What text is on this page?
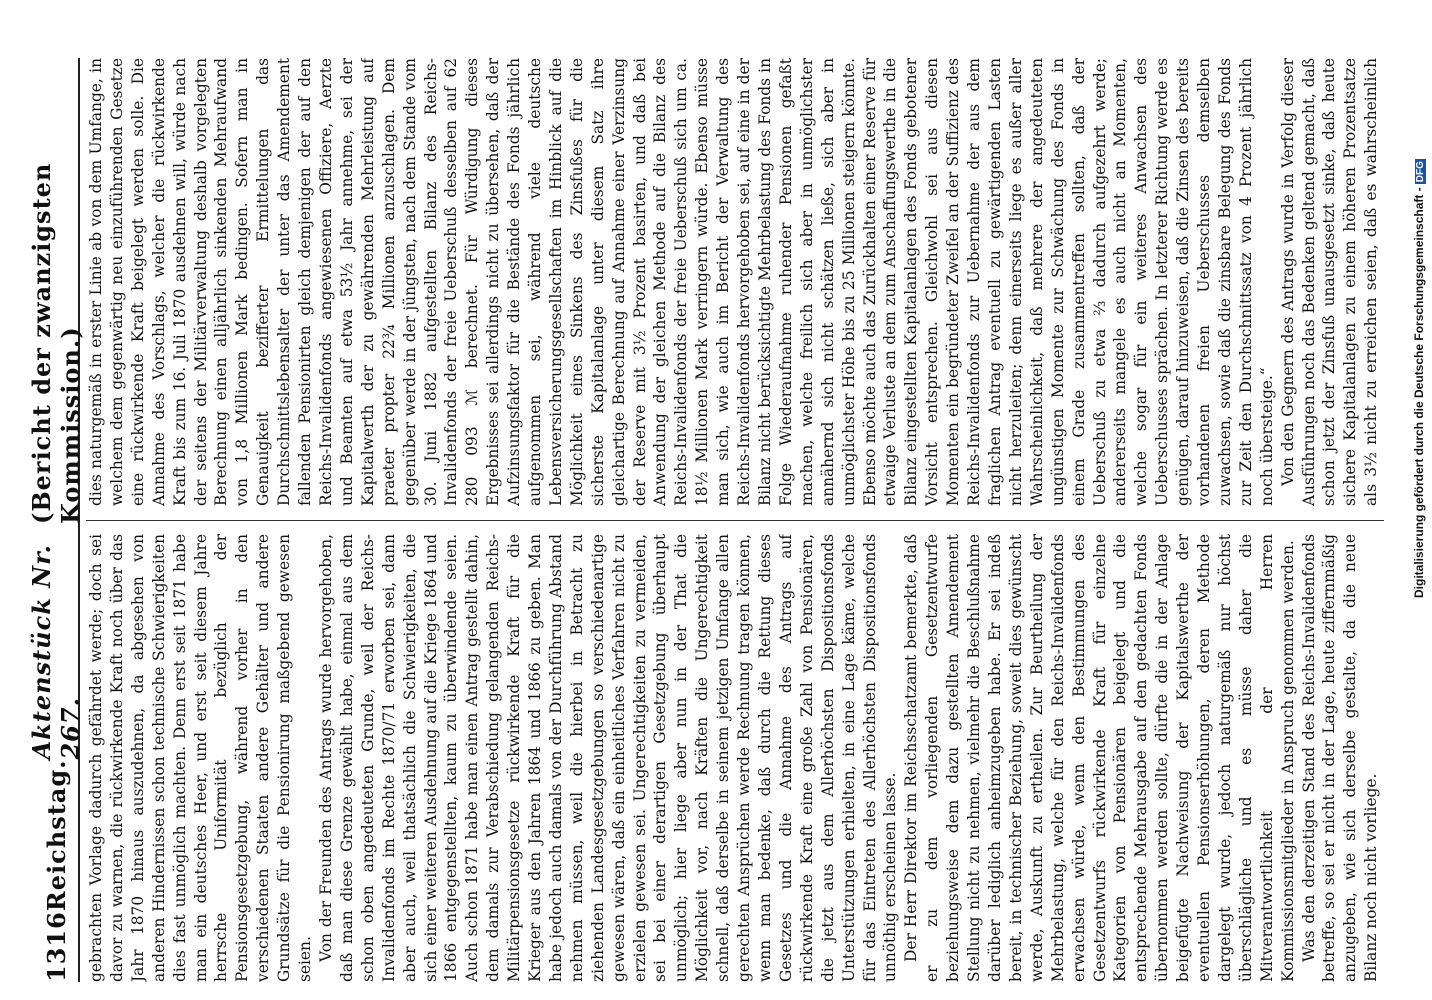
1316
Reichstag.
Aktenstück Nr. 267.
(Bericht der zwanzigsten Kommission.)

gebrachten Vorlage dadurch gefährdet werde; doch sei davor zu warnen, die rückwirkende Kraft noch über das Jahr 1870 hinaus auszudehnen, da abgesehen von anderen Hindernissen schon technische Schwierigkeiten dies fast unmöglich machten. Denn erst seit 1871 habe man ein deutsches Heer, und erst seit diesem Jahre herrsche Uniformität bezüglich der Pensionsgesetzgebung, während vorher in den verschiedenen Staaten andere Gehälter und andere Grundsätze für die Pensionirung maßgebend gewesen seien. Von der Freunden des Antrags wurde hervorgehoben, daß man diese Grenze gewählt habe, einmal aus dem schon oben angedeuteten Grunde, weil der Reichs-Invalidenfonds im Rechte 1870/71 erworben sei, dann aber auch, weil thatsächlich die Schwierigkeiten, die sich einer weiteren Ausdehnung auf die Kriege 1864 und 1866 entgegenstellten, kaum zu überwindende seien. Auch schon 1871 habe man einen Antrag gestellt dahin, dem damals zur Verabschiedung gelangenden Reichs-Militärpensionsgesetze rückwirkende Kraft für die Krieger aus den Jahren 1864 und 1866 zu geben. Man habe jedoch auch damals von der Durchführung Abstand nehmen müssen, weil die hierbei in Betracht zu ziehenden Landesgesetzgebungen so verschiedenartige gewesen wären, daß ein einheitliches Verfahren nicht zu erzielen gewesen sei. Ungerechtigkeiten zu vermeiden, sei bei einer derartigen Gesetzgebung überhaupt unmöglich; hier liege aber nun in der That die Möglichkeit vor, nach Kräften die Ungerechtigkeit schnell, daß derselbe in seinem jetzigen Umfange allen gerechten Ansprüchen werde Rechnung tragen können, wenn man bedenke, daß durch die Rettung dieses Gesetzes und die Annahme des Antrags auf rückwirkende Kraft eine große Zahl von Pensionären, die jetzt aus dem Allerhöchsten Dispositionsfonds Unterstützungen erhielten, in eine Lage käme, welche für das Eintreten des Allerhöchsten Dispositionsfonds unnöthig erscheinen lasse. Der Herr Direktor im Reichsschatzamt bemerkte, daß er zu dem vorliegenden Gesetzentwurfe beziehungsweise dem dazu gestellten Amendement Stellung nicht zu nehmen, vielmehr die Beschlußnahme darüber lediglich anheimzugeben habe. Er sei indeß bereit, in technischer Beziehung, soweit dies gewünscht werde, Auskunft zu ertheilen. Zur Beurtheilung der Mehrbelastung, welche für den Reichs-Invalidenfonds erwachsen würde, wenn den Bestimmungen des Gesetzentwurfs rückwirkende Kraft für einzelne Kategorien von Pensionären beigelegt und die entsprechende Mehrausgabe auf den gedachten Fonds übernommen werden sollte, dürfte die in der Anlage beigefügte Nachweisung der Kapitalswerthe der eventuellen Pensionserhöhungen, deren Methode dargelegt wurde, jedoch naturgemäß nur höchst überschlägliche und es müsse daher die Mitverantwortlichkeit der Herren Kommissionsmitglieder in Anspruch genommen werden. Was den derzeitigen Stand des Reichs-Invalidenfonds betreffe, so sei er nicht in der Lage, heute ziffernmäßig anzugeben, wie sich derselbe gestalte, da die neue Bilanz noch nicht vorliege.

dies naturgemäß in erster Linie ab von dem Umfange, in welchem dem gegenwärtig neu einzuführenden Gesetze eine rückwirkende Kraft beigelegt werden solle. Die Annahme des Vorschlags, welcher die rückwirkende Kraft bis zum 16. Juli 1870 ausdehnen will, würde nach der seitens der Militärverwaltung deshalb vorgelegten Berechnung einen alljährlich sinkenden Mehraufwand von 1,8 Millionen Mark bedingen. Sofern man in Genauigkeit bezifferter Ermittelungen das Durchschnittslebensalter der unter das Amendement fallenden Pensionirten gleich demjenigen der auf den Reichs-Invalidenfonds angewiesenen Offiziere, Aerzte und Beamten auf etwa 53½ Jahr annehme, sei der Kapitalwerth der zu gewährenden Mehrleistung auf praeter propter 22¾ Millionen anzuschlagen. Dem gegenüber werde in der jüngsten, nach dem Stande vom 30. Juni 1882 aufgestellten Bilanz des Reichs-Invalidenfonds der freie Ueberschuß desselben auf 62 280 093 ℳ berechnet. Für Würdigung dieses Ergebnisses sei allerdings nicht zu übersehen, daß der Aufzinsungsfaktor für die Bestände des Fonds jährlich aufgenommen sei, während viele deutsche Lebensversicherungsgesellschaften im Hinblick auf die Möglichkeit eines Sinkens des Zinsfußes für die sicherste Kapitalanlage unter diesem Satz ihre gleichartige Berechnung auf Annahme einer Verzinsung der Reserve mit 3½ Prozent basirten, und daß bei Anwendung der gleichen Methode auf die Bilanz des Reichs-Invalidenfonds der freie Ueberschuß sich um ca. 18½ Millionen Mark verringern würde. Ebenso müsse man sich, wie auch im Bericht der Verwaltung des Reichs-Invalidenfonds hervorgehoben sei, auf eine in der Bilanz nicht berücksichtigte Mehrbelastung des Fonds in Folge Wiederaufnahme ruhender Pensionen gefaßt machen, welche freilich sich aber in unmöglichster annähernd sich nicht schätzen ließe, sich aber in unmöglichster Höhe bis zu 25 Millionen steigern könnte. Ebenso möchte auch das Zurückhalten einer Reserve für etwaige Verluste an dem zum Anschaffungswerthe in die Bilanz eingestellten Kapitalanlagen des Fonds gebotener Vorsicht entsprechen. Gleichwohl sei aus diesen Momenten ein begründeter Zweifel an der Suffizienz des Reichs-Invalidenfonds zur Uebernahme der aus dem fraglichen Antrag eventuell zu gewärtigenden Lasten nicht herzuleiten; denn einerseits liege es außer aller Wahrscheinlichkeit, daß mehrere der angedeuteten ungünstigen Momente zur Schwächung des Fonds in einem Grade zusammentreffen sollten, daß der Ueberschuß zu etwa ⅔ dadurch aufgezehrt werde; andererseits mangele es auch nicht an Momenten, welche sogar für ein weiteres Anwachsen des Ueberschusses sprächen. In letzterer Richtung werde es genügen, darauf hinzuweisen, daß die Zinsen des bereits vorhandenen freien Ueberschusses demselben zuwachsen, sowie daß die zinsbare Belegung des Fonds zur Zeit den Durchschnittssatz von 4 Prozent jährlich noch übersteige.“ Von den Gegnern des Antrags wurde in Verfolg dieser Ausführungen noch das Bedenken geltend gemacht, daß schon jetzt der Zinsfuß unausgesetzt sinke, daß heute sichere Kapitalanlagen zu einem höheren Prozentsatze als 3½ nicht zu erreichen seien, daß es wahrscheinlich

Digitalisierung gefördert durch die Deutsche Forschungsgemeinschaft -DFG
